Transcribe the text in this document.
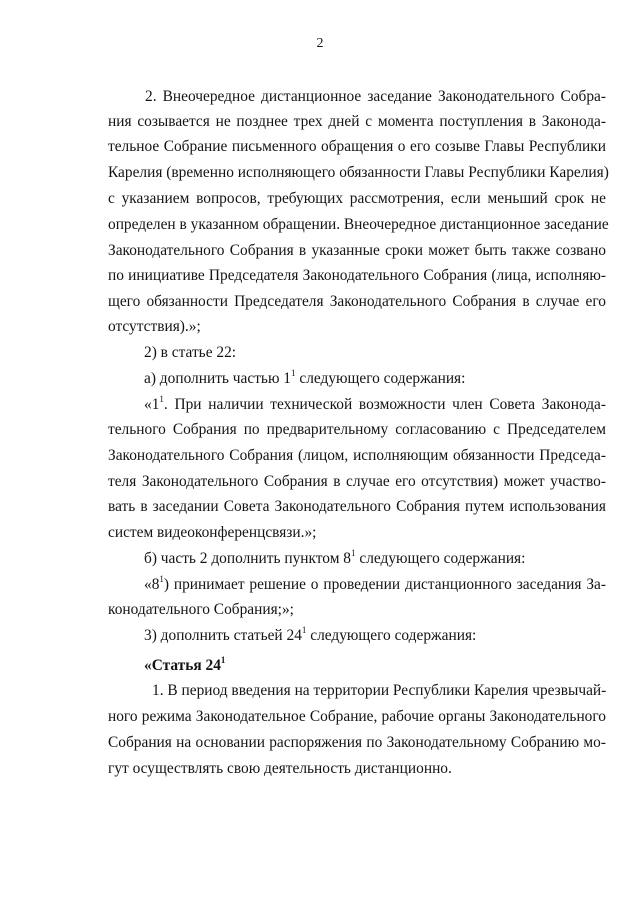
2
2. Внеочередное дистанционное заседание Законодательного Собра-
ния созывается не позднее трех дней с момента поступления в Законода-
тельное Собрание письменного обращения о его созыве Главы Республики
Карелия (временно исполняющего обязанности Главы Республики Карелия)
с указанием вопросов, требующих рассмотрения, если меньший срок не
определен в указанном обращении. Внеочередное дистанционное заседание
Законодательного Собрания в указанные сроки может быть также созвано
по инициативе Председателя Законодательного Собрания (лица, исполняю-
щего обязанности Председателя Законодательного Собрания в случае его
отсутствия).»;
2) в статье 22:
а) дополнить частью $1^1$ следующего содержания:
«$1^1$. При наличии технической возможности член Совета Законода-
тельного Собрания по предварительному согласованию с Председателем
Законодательного Собрания (лицом, исполняющим обязанности Председа-
теля Законодательного Собрания в случае его отсутствия) может участво-
вать в заседании Совета Законодательного Собрания путем использования
систем видеоконференцсвязи.»;
б) часть 2 дополнить пунктом $8^1$ следующего содержания:
«$8^1$) принимает решение о проведении дистанционного заседания За-
конодательного Собрания;»;
3) дополнить статьей $24^1$ следующего содержания:
«Статья $24^1$
1. В период введения на территории Республики Карелия чрезвычай-
ного режима Законодательное Собрание, рабочие органы Законодательного
Собрания на основании распоряжения по Законодательному Собранию мо-
гут осуществлять свою деятельность дистанционно.
